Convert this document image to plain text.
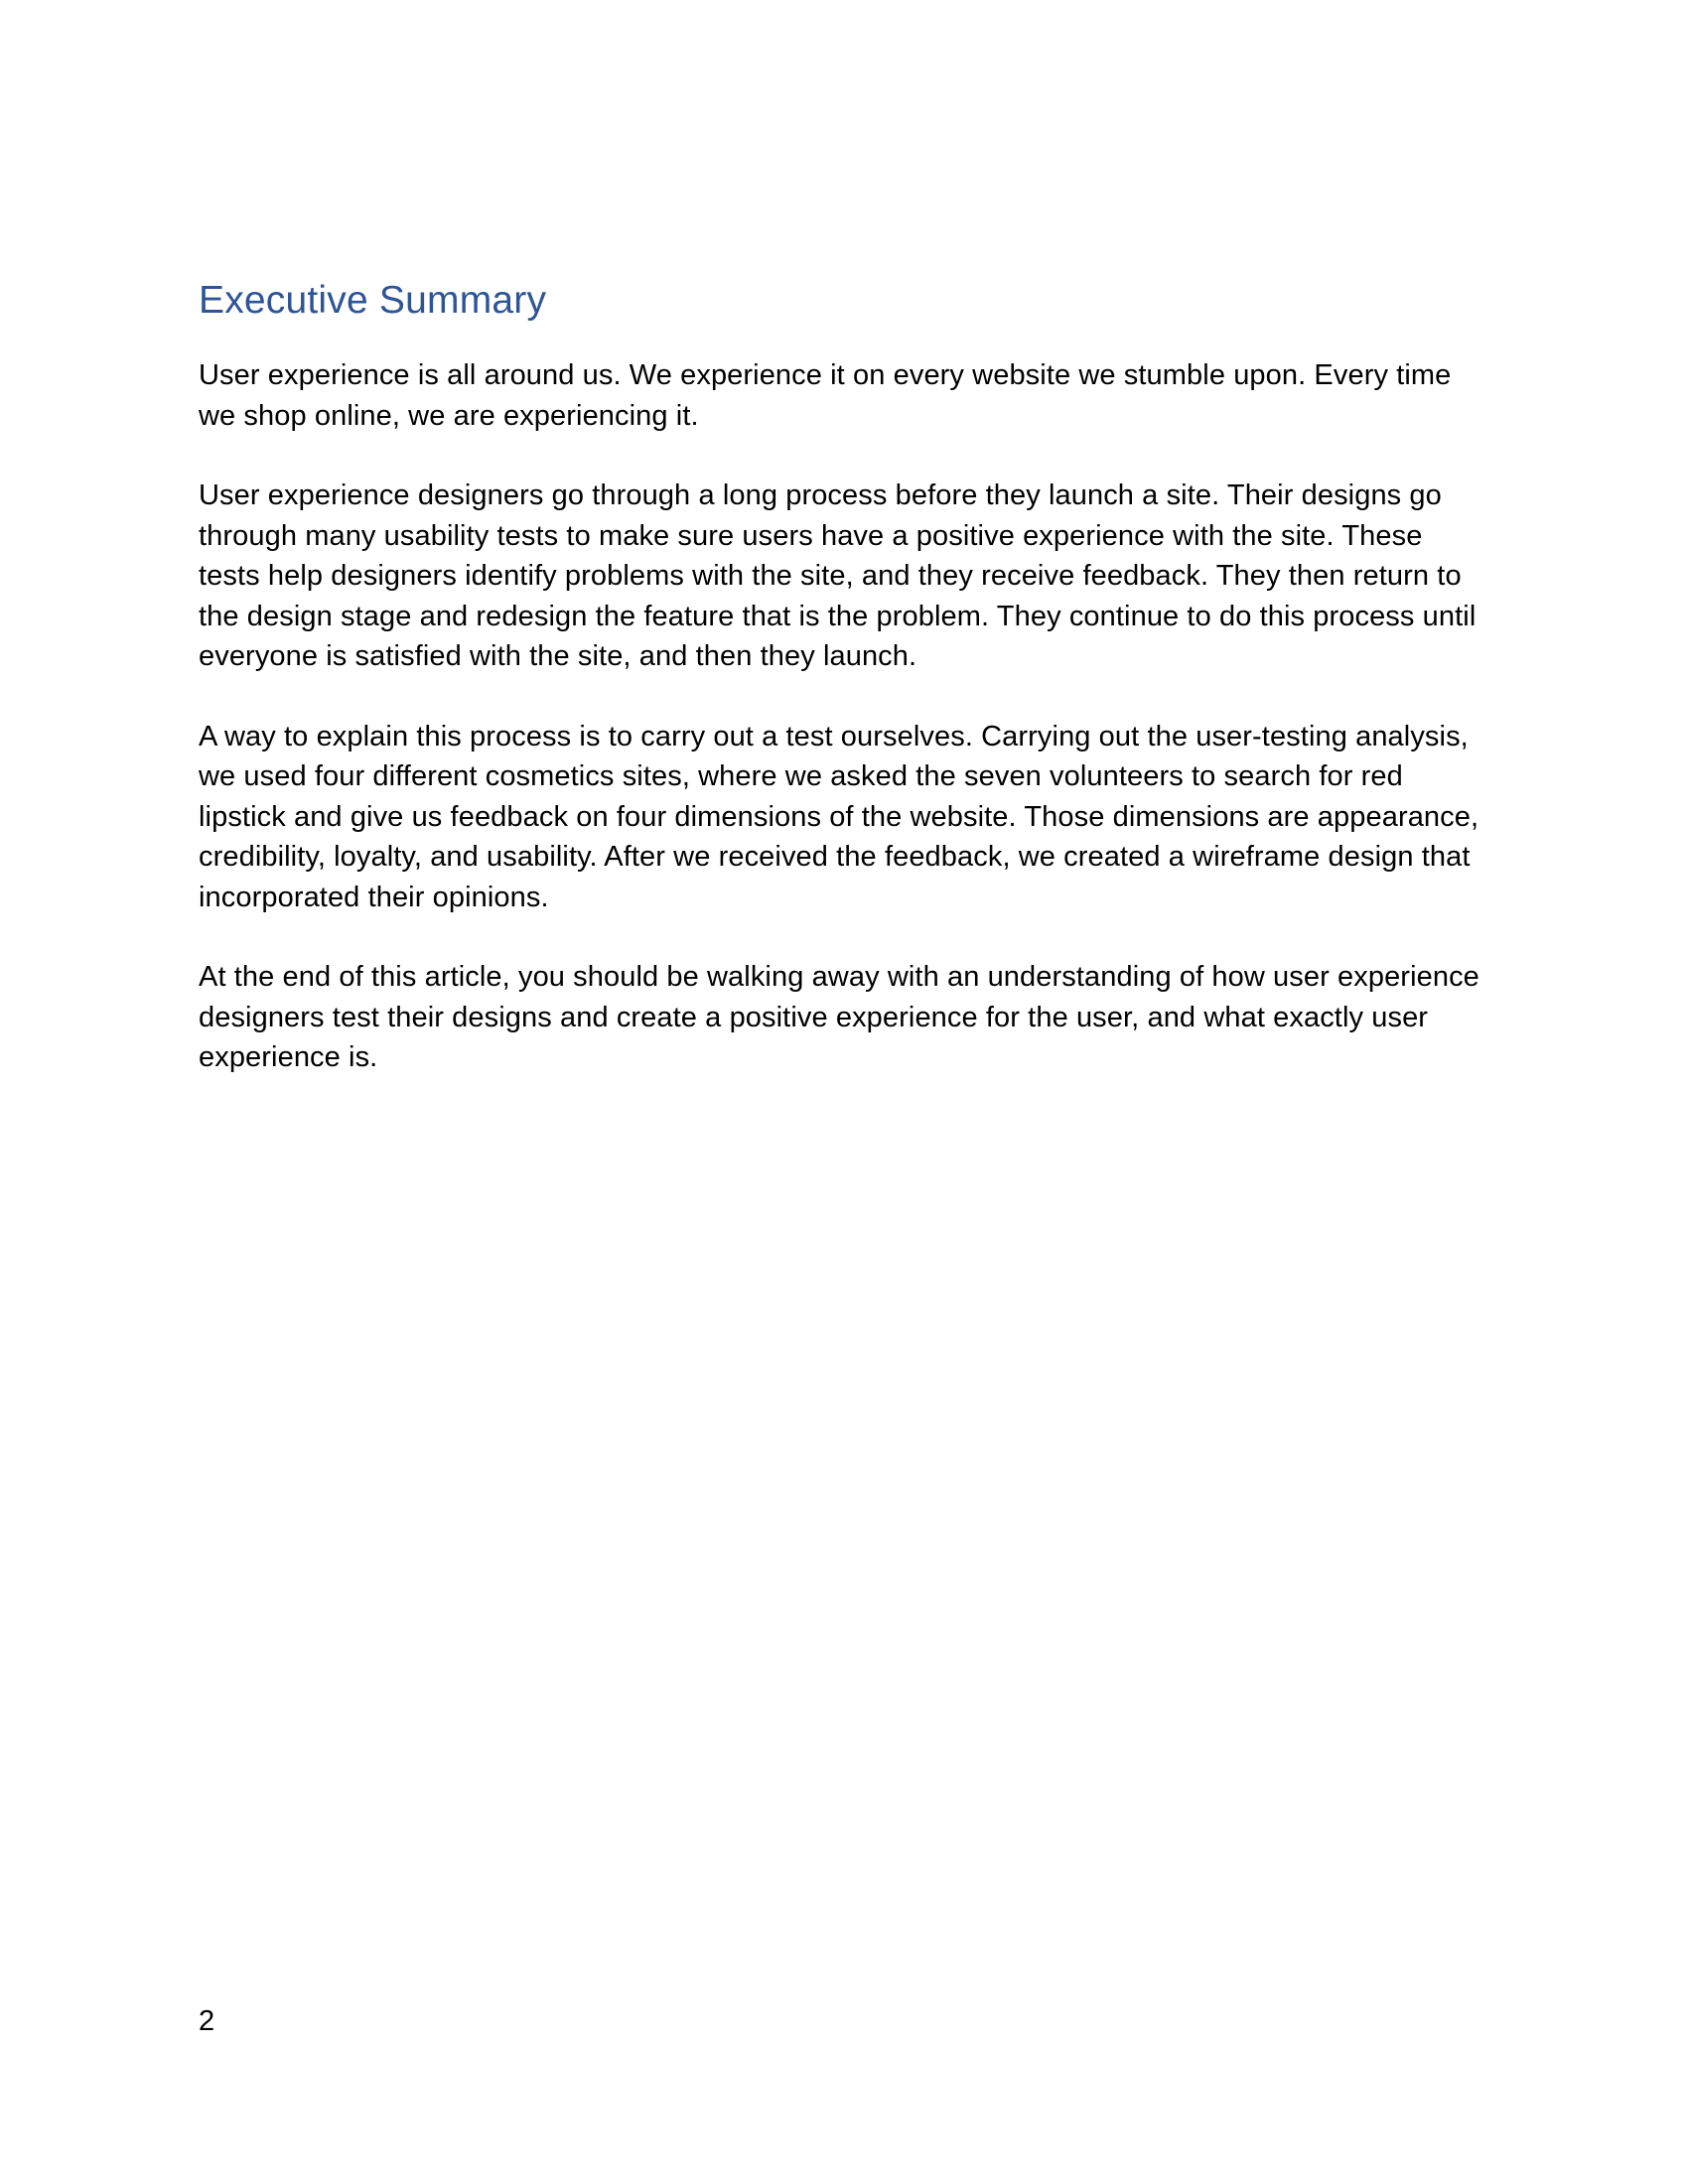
Executive Summary

User experience is all around us. We experience it on every website we stumble upon. Every time we shop online, we are experiencing it.

User experience designers go through a long process before they launch a site. Their designs go through many usability tests to make sure users have a positive experience with the site. These tests help designers identify problems with the site, and they receive feedback. They then return to the design stage and redesign the feature that is the problem. They continue to do this process until everyone is satisfied with the site, and then they launch.

A way to explain this process is to carry out a test ourselves. Carrying out the user-testing analysis, we used four different cosmetics sites, where we asked the seven volunteers to search for red lipstick and give us feedback on four dimensions of the website. Those dimensions are appearance, credibility, loyalty, and usability. After we received the feedback, we created a wireframe design that incorporated their opinions.

At the end of this article, you should be walking away with an understanding of how user experience designers test their designs and create a positive experience for the user, and what exactly user experience is.

2
